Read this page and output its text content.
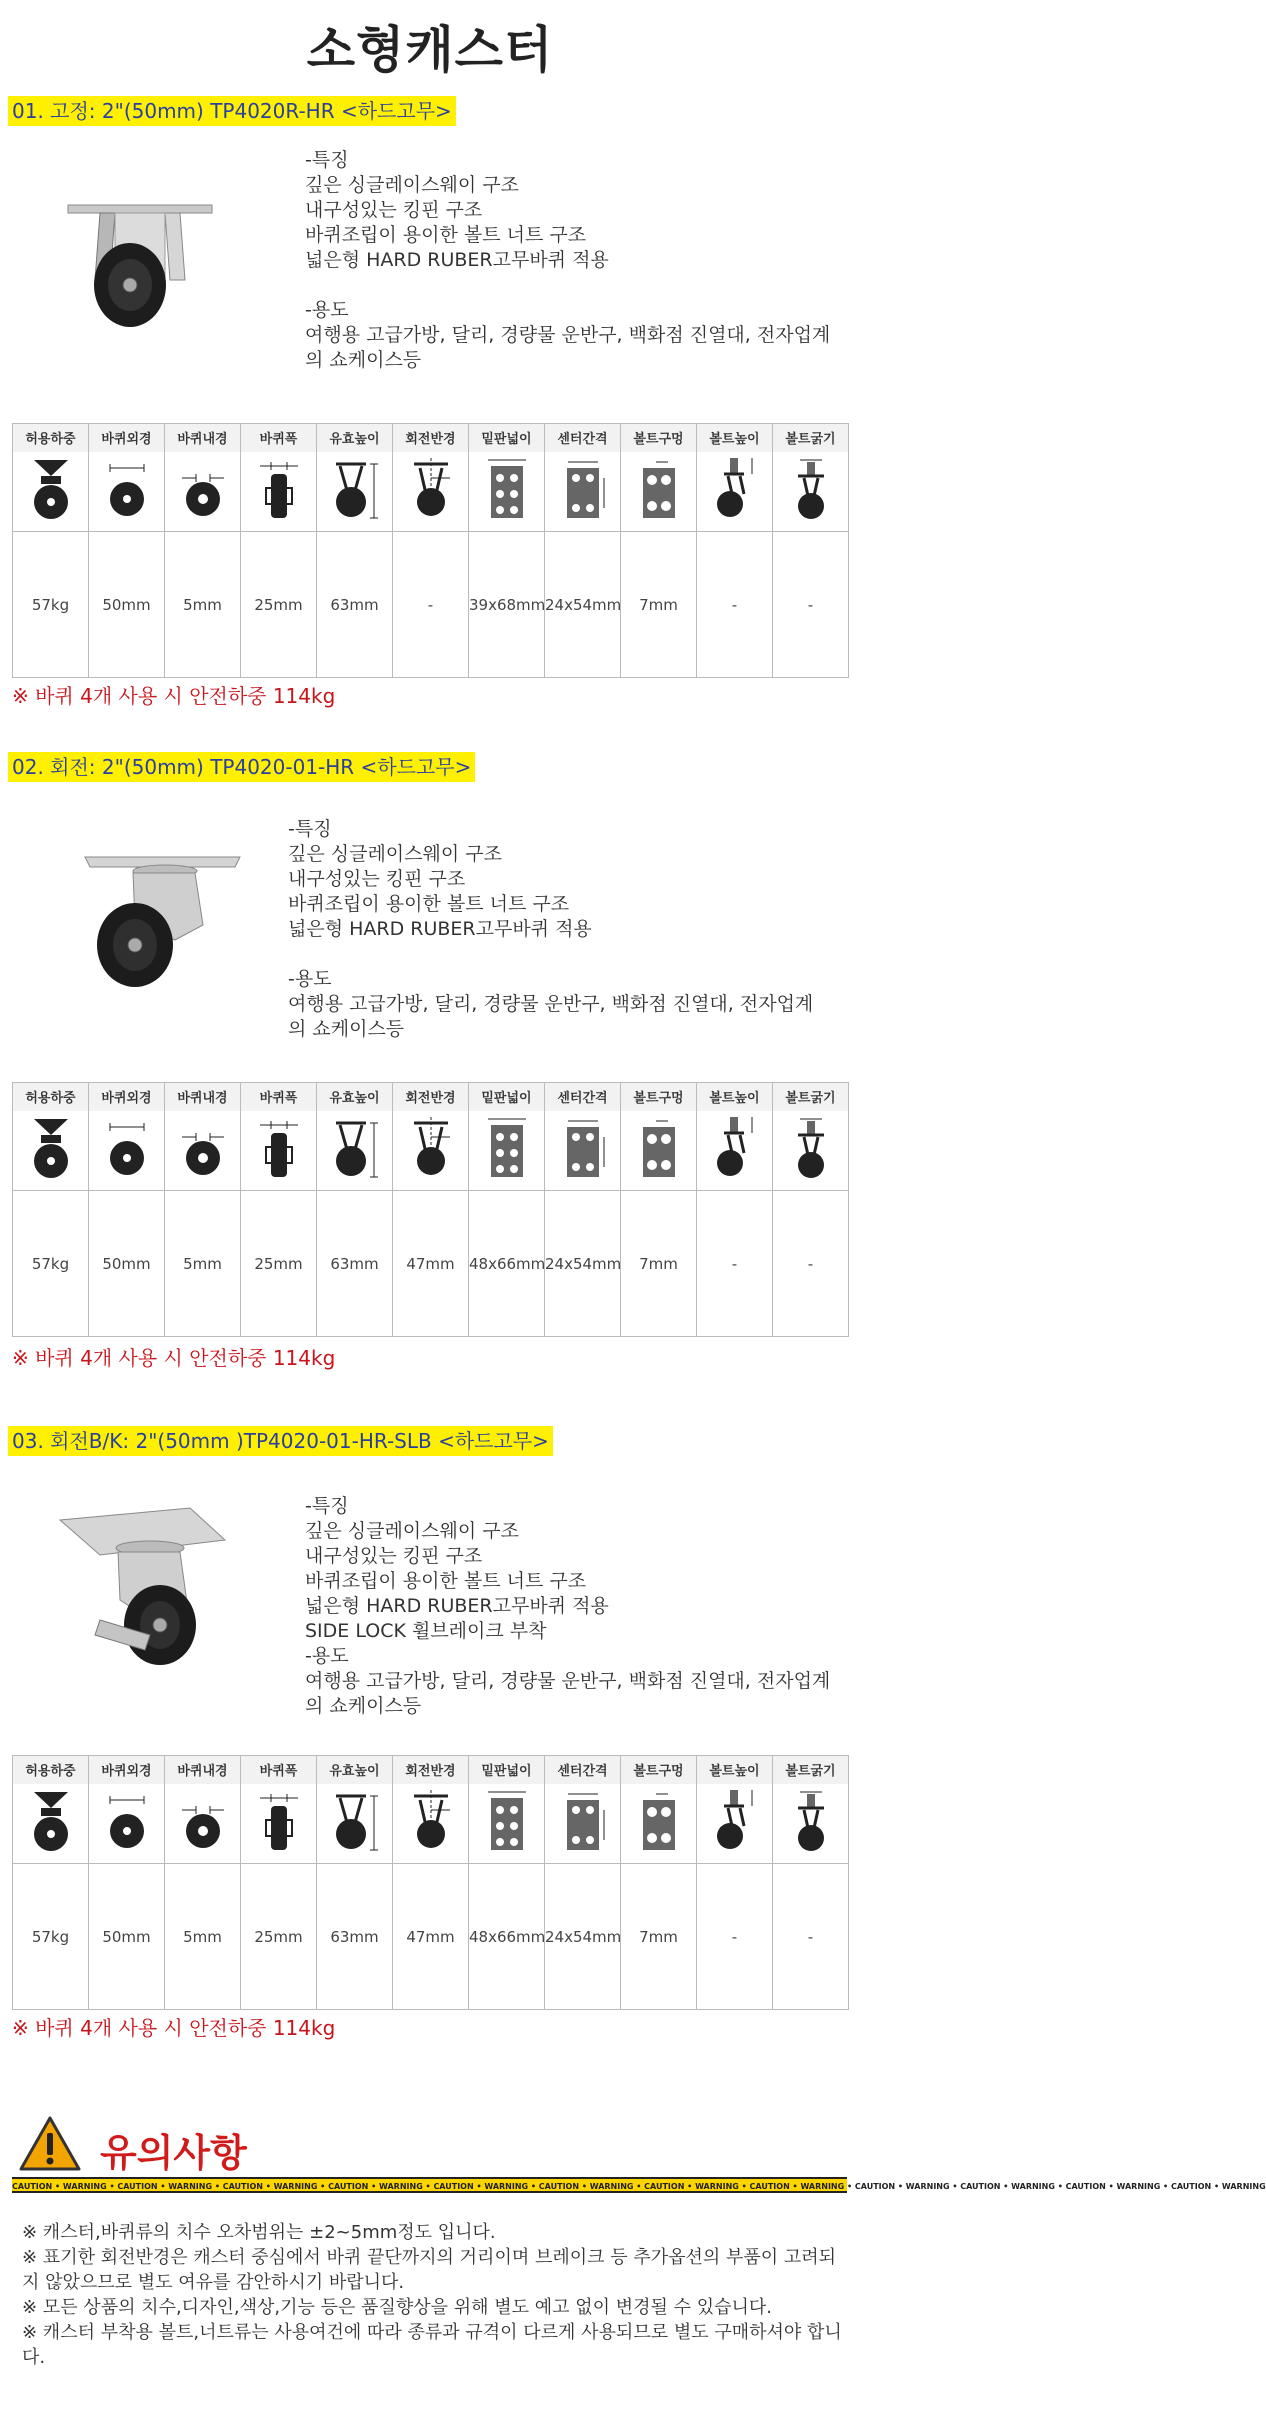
소형캐스터
01. 고정: 2"(50mm) TP4020R-HR <하드고무>
-특징
깊은 싱글레이스웨이 구조
내구성있는 킹핀 구조
바퀴조립이 용이한 볼트 너트 구조
넓은형 HARD RUBER고무바퀴 적용
-용도
여행용 고급가방, 달리, 경량물 운반구, 백화점 진열대, 전자업계
의 쇼케이스등
허용하중	바퀴외경	바퀴내경	바퀴폭	유효높이	회전반경	밑판넓이	센터간격	볼트구멍	볼트높이	볼트굵기

57kg	50mm	5mm	25mm	63mm	-	39x68mm	24x54mm	7mm	-	-
※ 바퀴 4개 사용 시 안전하중 114kg
02. 회전: 2"(50mm) TP4020-01-HR <하드고무>
-특징
깊은 싱글레이스웨이 구조
내구성있는 킹핀 구조
바퀴조립이 용이한 볼트 너트 구조
넓은형 HARD RUBER고무바퀴 적용
-용도
여행용 고급가방, 달리, 경량물 운반구, 백화점 진열대, 전자업계
의 쇼케이스등
허용하중	바퀴외경	바퀴내경	바퀴폭	유효높이	회전반경	밑판넓이	센터간격	볼트구멍	볼트높이	볼트굵기

57kg	50mm	5mm	25mm	63mm	47mm	48x66mm	24x54mm	7mm	-	-
※ 바퀴 4개 사용 시 안전하중 114kg
03. 회전B/K: 2"(50mm )TP4020-01-HR-SLB <하드고무>
-특징
깊은 싱글레이스웨이 구조
내구성있는 킹핀 구조
바퀴조립이 용이한 볼트 너트 구조
넓은형 HARD RUBER고무바퀴 적용
SIDE LOCK 휠브레이크 부착
-용도
여행용 고급가방, 달리, 경량물 운반구, 백화점 진열대, 전자업계
의 쇼케이스등
허용하중	바퀴외경	바퀴내경	바퀴폭	유효높이	회전반경	밑판넓이	센터간격	볼트구멍	볼트높이	볼트굵기

57kg	50mm	5mm	25mm	63mm	47mm	48x66mm	24x54mm	7mm	-	-
※ 바퀴 4개 사용 시 안전하중 114kg
유의사항
CAUTION • WARNING • CAUTION • WARNING • CAUTION • WARNING • CAUTION • WARNING • CAUTION • WARNING • CAUTION • WARNING • CAUTION • WARNING • CAUTION • WARNING • CAUTION • WARNING • CAUTION • WARNING • CAUTION • WARNING • CAUTION • WARNING
※ 캐스터,바퀴류의 치수 오차범위는 ±2~5mm정도 입니다.
※ 표기한 회전반경은 캐스터 중심에서 바퀴 끝단까지의 거리이며 브레이크 등 추가옵션의 부품이 고려되지 않았으므로 별도 여유를 감안하시기 바랍니다.
※ 모든 상품의 치수,디자인,색상,기능 등은 품질향상을 위해 별도 예고 없이 변경될 수 있습니다.
※ 캐스터 부착용 볼트,너트류는 사용여건에 따라 종류과 규격이 다르게 사용되므로 별도 구매하셔야 합니다.
